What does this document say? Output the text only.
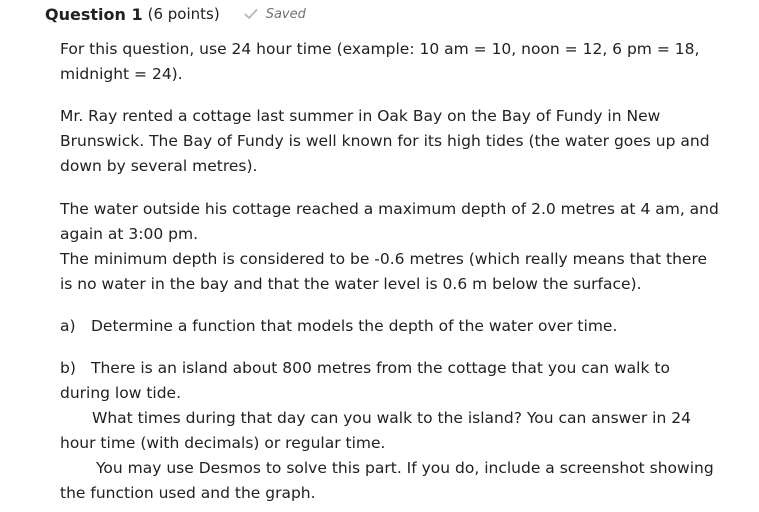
Question 1 (6 points)	Saved

For this question, use 24 hour time (example: 10 am = 10, noon = 12, 6 pm = 18, midnight = 24).

Mr. Ray rented a cottage last summer in Oak Bay on the Bay of Fundy in New Brunswick. The Bay of Fundy is well known for its high tides (the water goes up and down by several metres).

The water outside his cottage reached a maximum depth of 2.0 metres at 4 am, and again at 3:00 pm.

The minimum depth is considered to be -0.6 metres (which really means that there is no water in the bay and that the water level is 0.6 m below the surface).

a) Determine a function that models the depth of the water over time.

b) There is an island about 800 metres from the cottage that you can walk to during low tide.

What times during that day can you walk to the island? You can answer in 24 hour time (with decimals) or regular time.

You may use Desmos to solve this part. If you do, include a screenshot showing the function used and the graph.
